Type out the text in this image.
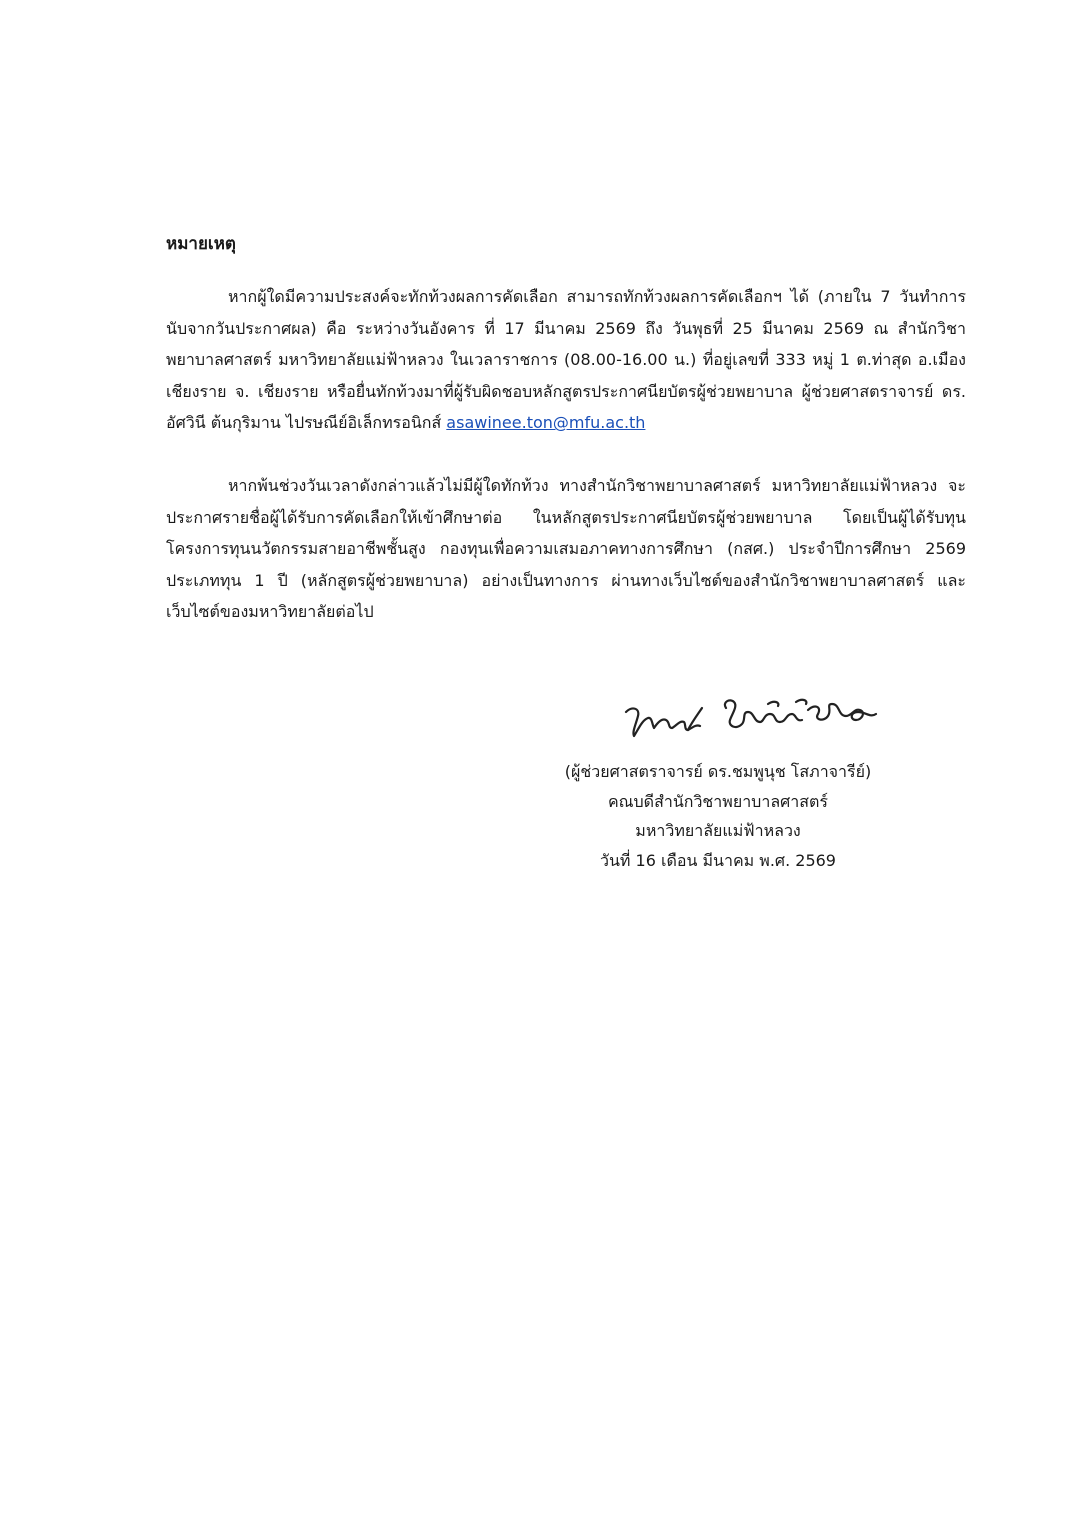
หมายเหตุ

หากผู้ใดมีความประสงค์จะทักท้วงผลการคัดเลือก สามารถทักท้วงผลการคัดเลือกฯ ได้ (ภายใน 7 วันทำการ นับจากวันประกาศผล) คือ ระหว่างวันอังคาร ที่ 17 มีนาคม 2569 ถึง วันพุธที่ 25 มีนาคม 2569 ณ สำนักวิชาพยาบาลศาสตร์ มหาวิทยาลัยแม่ฟ้าหลวง ในเวลาราชการ (08.00-16.00 น.) ที่อยู่เลขที่ 333 หมู่ 1 ต.ท่าสุด อ.เมืองเชียงราย จ. เชียงราย หรือยื่นทักท้วงมาที่ผู้รับผิดชอบหลักสูตรประกาศนียบัตรผู้ช่วยพยาบาล ผู้ช่วยศาสตราจารย์ ดร. อัศวินี ต้นกุริมาน ไปรษณีย์อิเล็กทรอนิกส์ asawinee.ton@mfu.ac.th

หากพ้นช่วงวันเวลาดังกล่าวแล้วไม่มีผู้ใดทักท้วง ทางสำนักวิชาพยาบาลศาสตร์ มหาวิทยาลัยแม่ฟ้าหลวง จะประกาศรายชื่อผู้ได้รับการคัดเลือกให้เข้าศึกษาต่อ ในหลักสูตรประกาศนียบัตรผู้ช่วยพยาบาล โดยเป็นผู้ได้รับทุนโครงการทุนนวัตกรรมสายอาชีพชั้นสูง กองทุนเพื่อความเสมอภาคทางการศึกษา (กสศ.) ประจำปีการศึกษา 2569 ประเภททุน 1 ปี (หลักสูตรผู้ช่วยพยาบาล) อย่างเป็นทางการ ผ่านทางเว็บไซต์ของสำนักวิชาพยาบาลศาสตร์ และเว็บไซต์ของมหาวิทยาลัยต่อไป

(ผู้ช่วยศาสตราจารย์ ดร.ชมพูนุช โสภาจารีย์)
คณบดีสำนักวิชาพยาบาลศาสตร์
มหาวิทยาลัยแม่ฟ้าหลวง
วันที่ 16 เดือน มีนาคม พ.ศ. 2569
